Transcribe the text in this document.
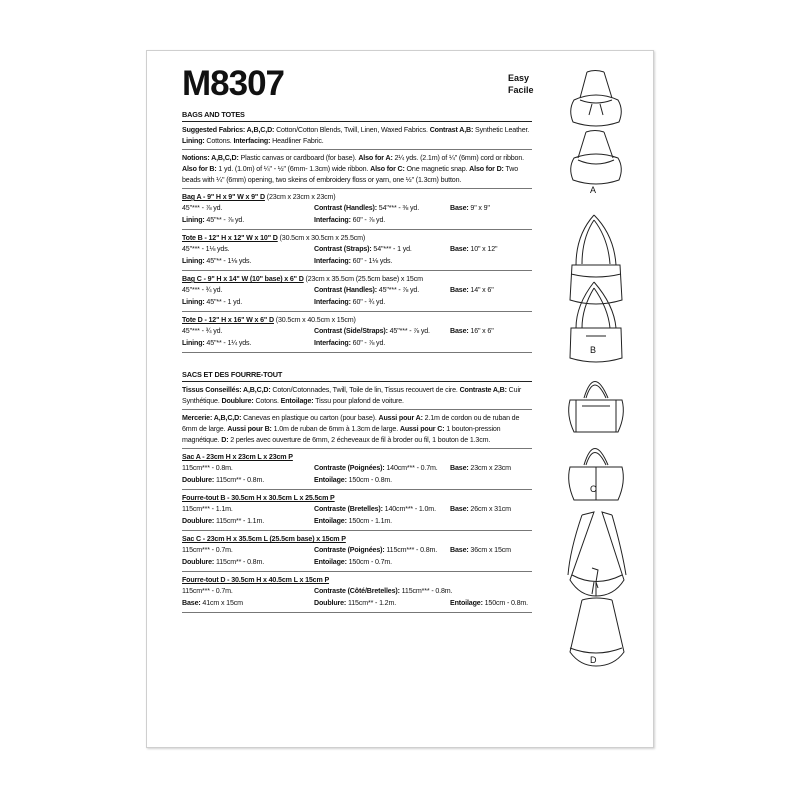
M8307	Easy
Facile
BAGS AND TOTES
Suggested Fabrics: A,B,C,D: Cotton/Cotton Blends, Twill, Linen, Waxed Fabrics. Contrast A,B: Synthetic Leather.
Lining: Cottons. Interfacing: Headliner Fabric.
Notions: A,B,C,D: Plastic canvas or cardboard (for base). Also for A: 2¼ yds. (2.1m) of ¼" (6mm) cord or ribbon.
Also for B: 1 yd. (1.0m) of ¼" - ½" (6mm- 1.3cm) wide ribbon. Also for C: One magnetic snap. Also for D: Two
beads with ¼" (6mm) opening, two skeins of embroidery floss or yarn, one ½" (1.3cm) button.
Bag A - 9" H x 9" W x 9" D (23cm x 23cm x 23cm)
45"*** - ⅞ yd.	Contrast (Handles): 54"*** - ⅜ yd.	Base: 9" x 9"
Lining: 45"** - ⅞ yd.	Interfacing: 60" - ⅞ yd.
Tote B - 12" H x 12" W x 10" D (30.5cm x 30.5cm x 25.5cm)
45"*** - 1⅛ yds.	Contrast (Straps): 54"*** - 1 yd.	Base: 10" x 12"
Lining: 45"** - 1⅛ yds.	Interfacing: 60" - 1⅛ yds.
Bag C - 9" H x 14" W (10" base) x 6" D (23cm x 35.5cm (25.5cm base) x 15cm
45"*** - ¾ yd.	Contrast (Handles): 45"*** - ⅞ yd.	Base: 14" x 6"
Lining: 45"** - 1 yd.	Interfacing: 60" - ¾ yd.
Tote D - 12" H x 16" W x 6" D (30.5cm x 40.5cm x 15cm)
45"*** - ¾ yd.	Contrast (Side/Straps): 45"*** - ⅞ yd.	Base: 16" x 6"
Lining: 45"** - 1¼ yds.	Interfacing: 60" - ⅞ yd.
SACS ET DES FOURRE-TOUT
Tissus Conseillés: A,B,C,D: Coton/Cotonnades, Twill, Toile de lin, Tissus recouvert de cire. Contraste A,B: Cuir
Synthétique. Doublure: Cotons. Entoilage: Tissu pour plafond de voiture.
Mercerie: A,B,C,D: Canevas en plastique ou carton (pour base). Aussi pour A: 2.1m de cordon ou de ruban de
6mm de large. Aussi pour B: 1.0m de ruban de 6mm à 1.3cm de large. Aussi pour C: 1 bouton-pression
magnétique. D: 2 perles avec ouverture de 6mm, 2 écheveaux de fil à broder ou fil, 1 bouton de 1.3cm.
Sac A - 23cm H x 23cm L x 23cm P
115cm*** - 0.8m.	Contraste (Poignées): 140cm*** - 0.7m. Base: 23cm x 23cm
Doublure: 115cm** - 0.8m.	Entoilage: 150cm - 0.8m.
Fourre-tout B - 30.5cm H x 30.5cm L x 25.5cm P
115cm*** - 1.1m.	Contraste (Bretelles): 140cm*** - 1.0m. Base: 26cm x 31cm
Doublure: 115cm** - 1.1m.	Entoilage: 150cm - 1.1m.
Sac C - 23cm H x 35.5cm L (25.5cm base) x 15cm P
115cm*** - 0.7m.	Contraste (Poignées): 115cm*** - 0.8m. Base: 36cm x 15cm
Doublure: 115cm** - 0.8m.	Entoilage: 150cm - 0.7m.
Fourre-tout D - 30.5cm H x 40.5cm L x 15cm P
115cm*** - 0.7m.	Contraste (Côté/Bretelles): 115cm*** - 0.8m.
Base: 41cm x 15cm	Doublure: 115cm** - 1.2m.	Entoilage: 150cm - 0.8m.
A
B
C
D
